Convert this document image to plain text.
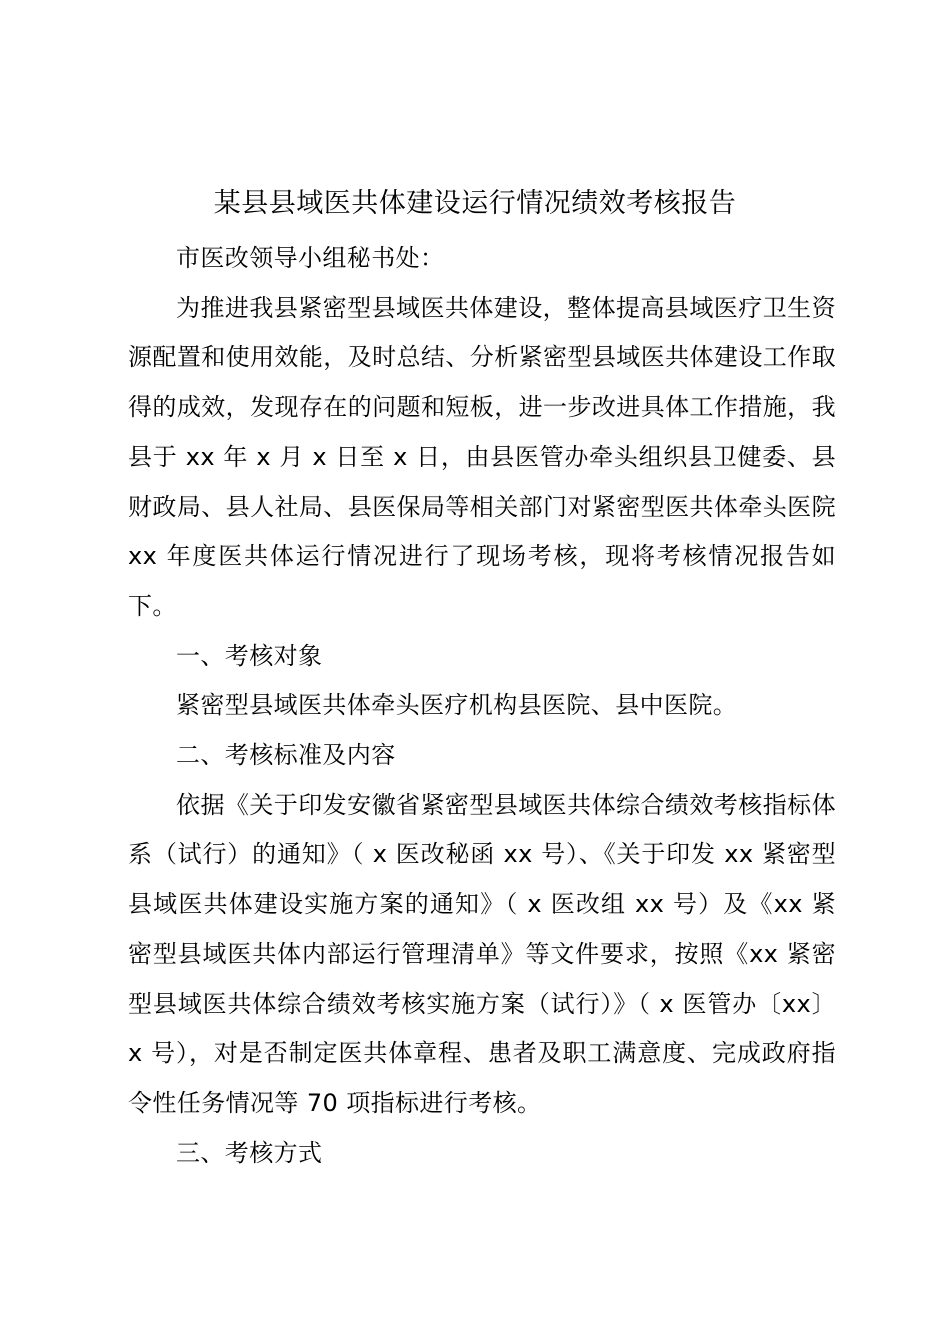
某县县域医共体建设运行情况绩效考核报告

市医改领导小组秘书处：

为推进我县紧密型县域医共体建设，整体提高县域医疗卫生资源配置和使用效能，及时总结、分析紧密型县域医共体建设工作取得的成效，发现存在的问题和短板，进一步改进具体工作措施，我县于 xx 年 x 月 x 日至 x 日，由县医管办牵头组织县卫健委、县财政局、县人社局、县医保局等相关部门对紧密型医共体牵头医院 xx 年度医共体运行情况进行了现场考核，现将考核情况报告如下。

一、考核对象

紧密型县域医共体牵头医疗机构县医院、县中医院。

二、考核标准及内容

依据《关于印发安徽省紧密型县域医共体综合绩效考核指标体系（试行）的通知》（ x 医改秘函 xx 号）、《关于印发 xx 紧密型县域医共体建设实施方案的通知》（ x 医改组 xx 号）及《xx 紧密型县域医共体内部运行管理清单》等文件要求，按照《xx 紧密型县域医共体综合绩效考核实施方案（试行）》（ x 医管办〔xx〕x 号），对是否制定医共体章程、患者及职工满意度、完成政府指令性任务情况等 70 项指标进行考核。

三、考核方式
